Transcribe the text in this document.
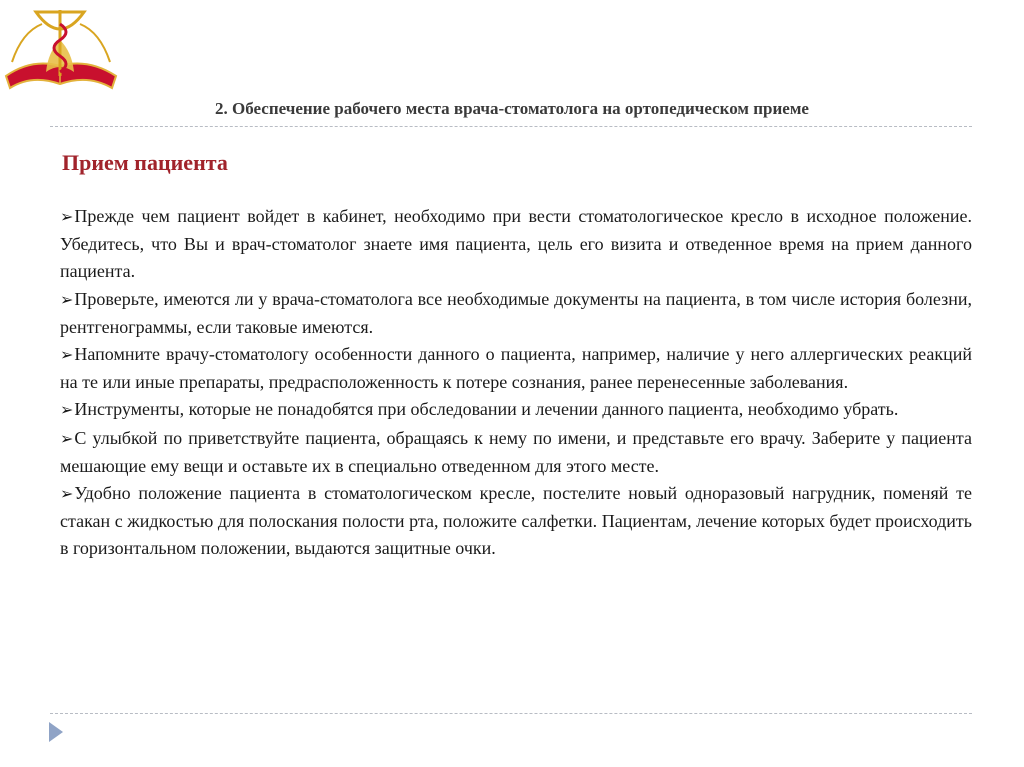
2. Обеспечение рабочего места врача-стоматолога на ортопедическом приеме
Прием пациента

➢Прежде чем пациент войдет в кабинет, необходимо при вести стоматологическое кресло в исходное положение. Убедитесь, что Вы и врач-стоматолог знаете имя пациента, цель его визита и отведенное время на прием данного пациента.

➢Проверьте, имеются ли у врача-стоматолога все необходимые документы на пациента, в том числе история болезни, рентгенограммы, если таковые имеются.

➢Напомните врачу-стоматологу особенности данного о пациента, например, наличие у него аллергических реакций на те или иные препараты, предрасположенность к потере сознания, ранее перенесенные заболевания.

➢Инструменты, которые не понадобятся при обследовании и лечении данного пациента, необходимо убрать.

➢С улыбкой по приветствуйте пациента, обращаясь к нему по имени, и представьте его врачу. Заберите у пациента мешающие ему вещи и оставьте их в специально отведенном для этого месте.

➢Удобно положение пациента в стоматологическом кресле, постелите новый одноразовый нагрудник, поменяй те стакан с жидкостью для полоскания полости рта, положите салфетки. Пациентам, лечение которых будет происходить в горизонтальном положении, выдаются защитные очки.
